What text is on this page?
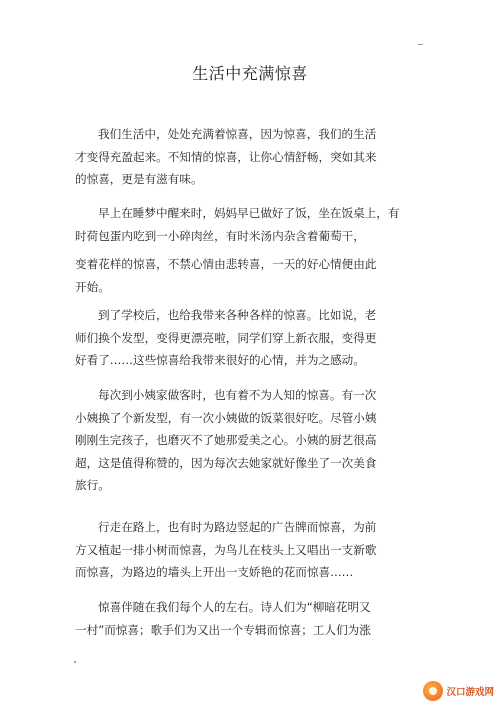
生活中充满惊喜

我们生活中，处处充满着惊喜，因为惊喜，我们的生活
才变得充盈起来。不知情的惊喜，让你心情舒畅，突如其来
的惊喜，更是有滋有味。

早上在睡梦中醒来时，妈妈早已做好了饭，坐在饭桌上，有
时荷包蛋内吃到一小碎肉丝，有时米汤内杂含着葡萄干，

变着花样的惊喜，不禁心情由悲转喜，一天的好心情便由此
开始。

到了学校后，也给我带来各种各样的惊喜。比如说，老
师们换个发型，变得更漂亮啦，同学们穿上新衣服，变得更
好看了……这些惊喜给我带来很好的心情，并为之感动。

每次到小姨家做客时，也有着不为人知的惊喜。有一次
小姨换了个新发型，有一次小姨做的饭菜很好吃。尽管小姨
刚刚生完孩子，也磨灭不了她那爱美之心。小姨的厨艺很高
超，这是值得称赞的，因为每次去她家就好像坐了一次美食
旅行。

行走在路上，也有时为路边竖起的广告牌而惊喜，为前
方又植起一排小树而惊喜，为鸟儿在枝头上又唱出一支新歌
而惊喜，为路边的墙头上开出一支娇艳的花而惊喜……

惊喜伴随在我们每个人的左右。诗人们为“柳暗花明又
一村”而惊喜；歌手们为又出一个专辑而惊喜；工人们为涨

汉口游戏网
